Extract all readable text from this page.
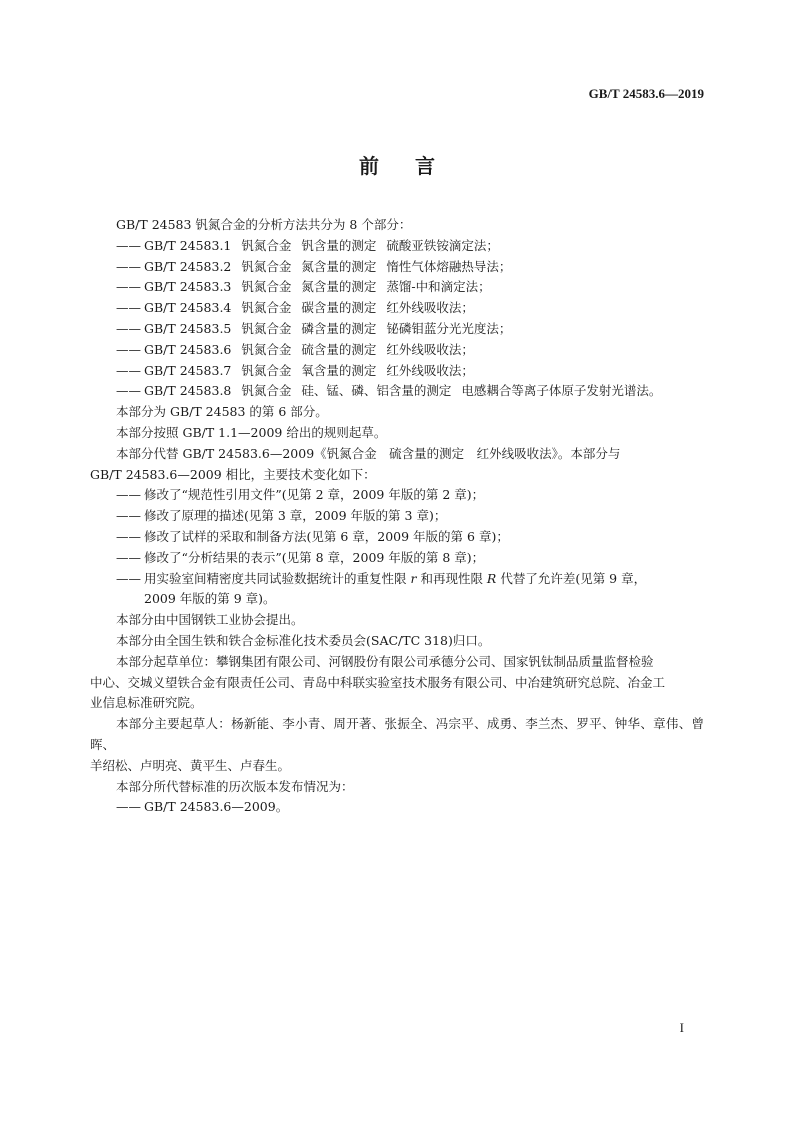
GB/T 24583.6—2019
前 言

GB/T 24583 钒氮合金的分析方法共分为 8 个部分：

—— GB/T 24583.1 钒氮合金 钒含量的测定 硫酸亚铁铵滴定法；

—— GB/T 24583.2 钒氮合金 氮含量的测定 惰性气体熔融热导法；

—— GB/T 24583.3 钒氮合金 氮含量的测定 蒸馏-中和滴定法；

—— GB/T 24583.4 钒氮合金 碳含量的测定 红外线吸收法；

—— GB/T 24583.5 钒氮合金 磷含量的测定 铋磷钼蓝分光光度法；

—— GB/T 24583.6 钒氮合金 硫含量的测定 红外线吸收法；

—— GB/T 24583.7 钒氮合金 氧含量的测定 红外线吸收法；

—— GB/T 24583.8 钒氮合金 硅、锰、磷、铝含量的测定 电感耦合等离子体原子发射光谱法。

本部分为 GB/T 24583 的第 6 部分。

本部分按照 GB/T 1.1—2009 给出的规则起草。

本部分代替 GB/T 24583.6—2009《钒氮合金　硫含量的测定　红外线吸收法》。本部分与

GB/T 24583.6—2009 相比，主要技术变化如下：

—— 修改了“规范性引用文件”(见第 2 章，2009 年版的第 2 章)；

—— 修改了原理的描述(见第 3 章，2009 年版的第 3 章)；

—— 修改了试样的采取和制备方法(见第 6 章，2009 年版的第 6 章)；

—— 修改了“分析结果的表示”(见第 8 章，2009 年版的第 8 章)；

—— 用实验室间精密度共同试验数据统计的重复性限 r 和再现性限 R 代替了允许差(见第 9 章，

2009 年版的第 9 章)。

本部分由中国钢铁工业协会提出。

本部分由全国生铁和铁合金标准化技术委员会(SAC/TC 318)归口。

本部分起草单位：攀钢集团有限公司、河钢股份有限公司承德分公司、国家钒钛制品质量监督检验

中心、交城义望铁合金有限责任公司、青岛中科联实验室技术服务有限公司、中冶建筑研究总院、冶金工

业信息标准研究院。

本部分主要起草人：杨新能、李小青、周开著、张振全、冯宗平、成勇、李兰杰、罗平、钟华、章伟、曾晖、

羊绍松、卢明亮、黄平生、卢春生。

本部分所代替标准的历次版本发布情况为：

—— GB/T 24583.6—2009。

I
